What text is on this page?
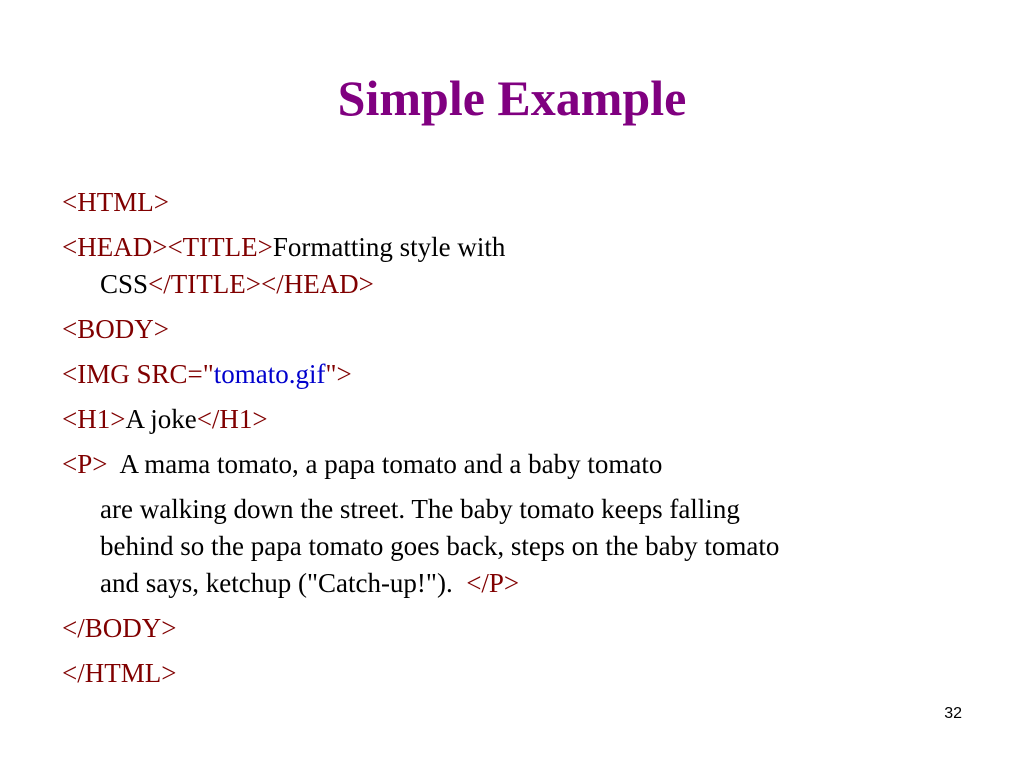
Simple Example
<HTML>
<HEAD><TITLE>Formatting style with
CSS</TITLE></HEAD>
<BODY>
<IMG SRC="tomato.gif">
<H1>A joke</H1>
<P> A mama tomato, a papa tomato and a baby tomato
are walking down the street. The baby tomato keeps falling
behind so the papa tomato goes back, steps on the baby tomato
and says, ketchup ("Catch-up!"). </P>
</BODY>
</HTML>
32
